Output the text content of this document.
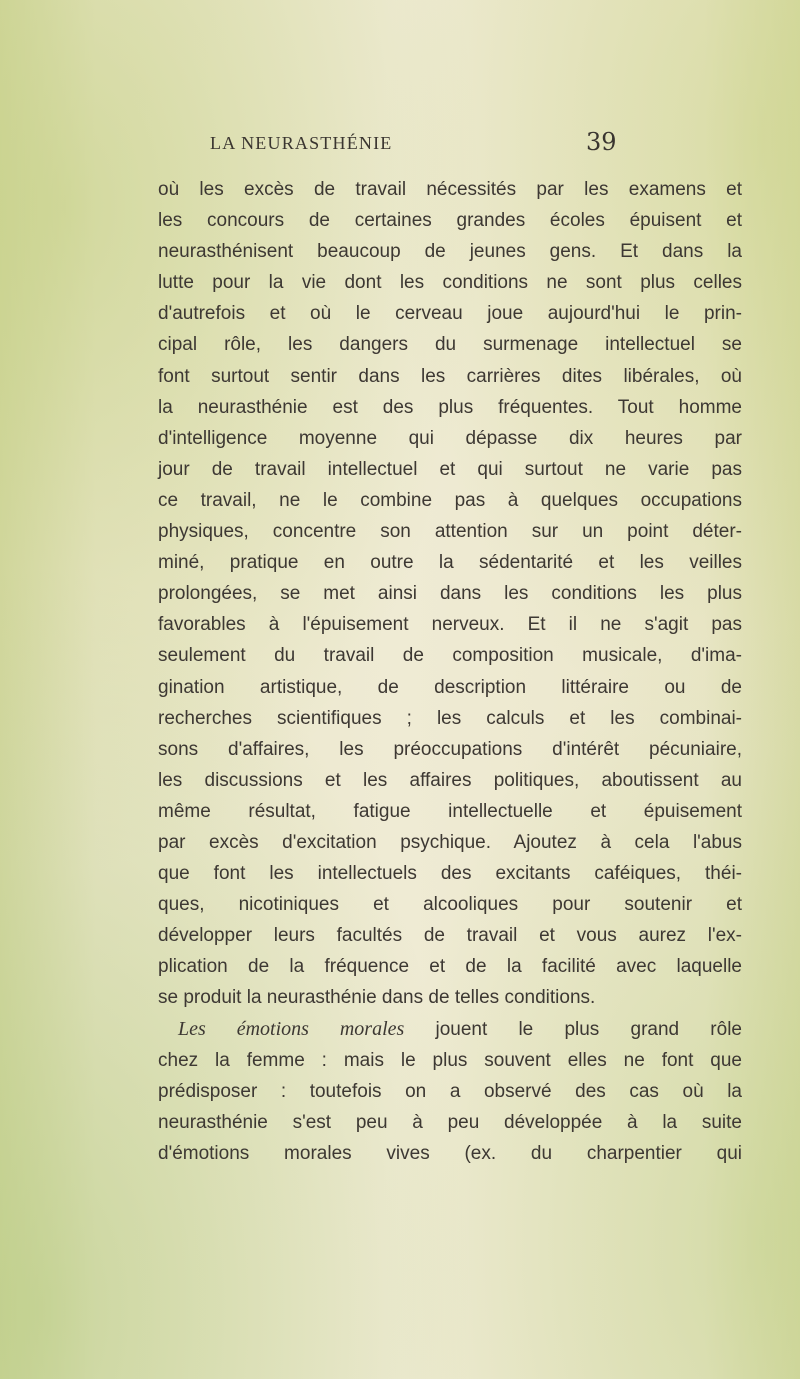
LA NEURASTHÉNIE	39
où les excès de travail nécessités par les examens et
les concours de certaines grandes écoles épuisent et
neurasthénisent beaucoup de jeunes gens. Et dans la
lutte pour la vie dont les conditions ne sont plus celles
d'autrefois et où le cerveau joue aujourd'hui le prin-
cipal rôle, les dangers du surmenage intellectuel se
font surtout sentir dans les carrières dites libérales, où
la neurasthénie est des plus fréquentes. Tout homme
d'intelligence moyenne qui dépasse dix heures par
jour de travail intellectuel et qui surtout ne varie pas
ce travail, ne le combine pas à quelques occupations
physiques, concentre son attention sur un point déter-
miné, pratique en outre la sédentarité et les veilles
prolongées, se met ainsi dans les conditions les plus
favorables à l'épuisement nerveux. Et il ne s'agit pas
seulement du travail de composition musicale, d'ima-
gination artistique, de description littéraire ou de
recherches scientifiques ; les calculs et les combinai-
sons d'affaires, les préoccupations d'intérêt pécuniaire,
les discussions et les affaires politiques, aboutissent au
même résultat, fatigue intellectuelle et épuisement
par excès d'excitation psychique. Ajoutez à cela l'abus
que font les intellectuels des excitants caféiques, théi-
ques, nicotiniques et alcooliques pour soutenir et
développer leurs facultés de travail et vous aurez l'ex-
plication de la fréquence et de la facilité avec laquelle
se produit la neurasthénie dans de telles conditions.
Les émotions morales jouent le plus grand rôle
chez la femme : mais le plus souvent elles ne font que
prédisposer : toutefois on a observé des cas où la
neurasthénie s'est peu à peu développée à la suite
d'émotions morales vives (ex. du charpentier qui
